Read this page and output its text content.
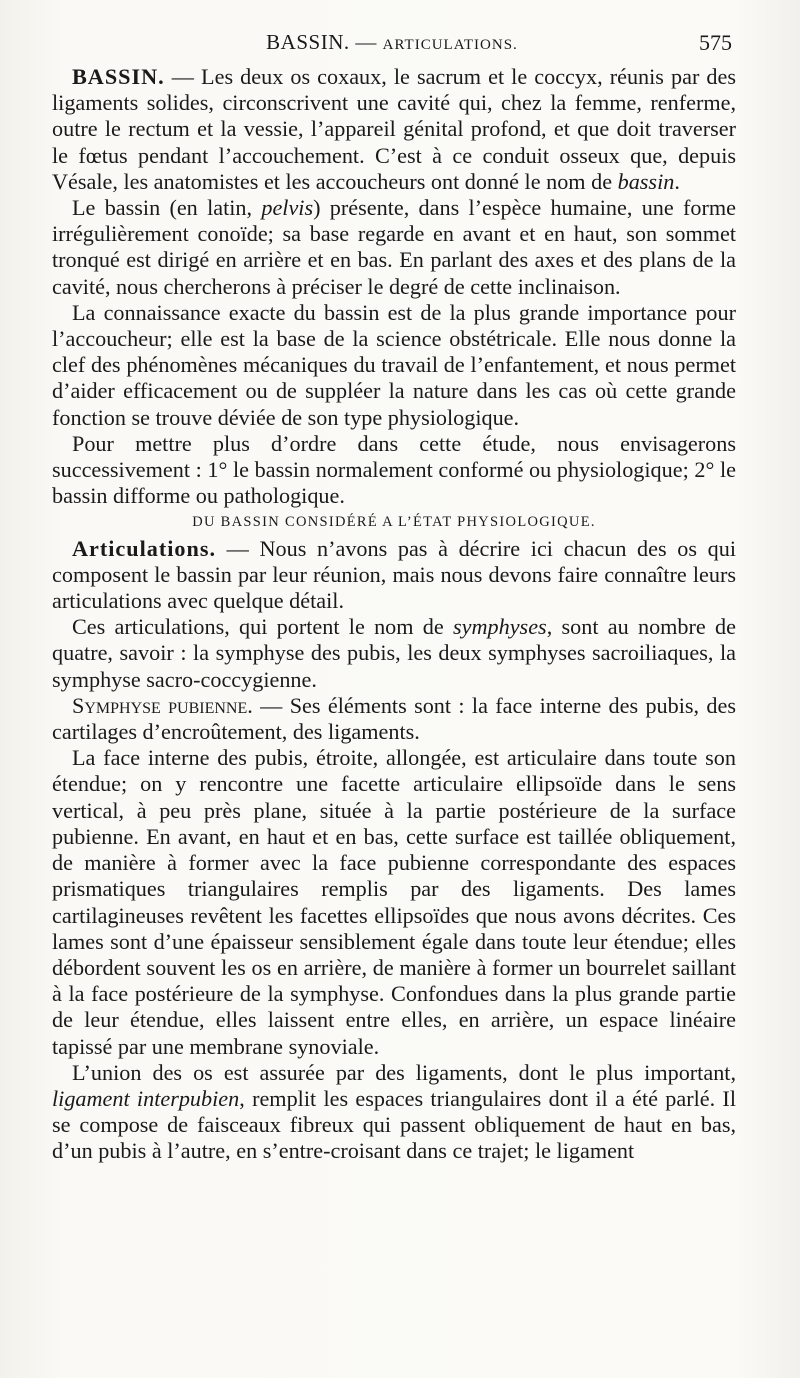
BASSIN. — ARTICULATIONS.	575

BASSIN. — Les deux os coxaux, le sacrum et le coccyx, réunis par des ligaments solides, circonscrivent une cavité qui, chez la femme, renferme, outre le rectum et la vessie, l’appareil génital profond, et que doit traverser le fœtus pendant l’accouchement. C’est à ce conduit osseux que, depuis Vésale, les anatomistes et les accoucheurs ont donné le nom de bassin.

Le bassin (en latin, pelvis) présente, dans l’espèce humaine, une forme irrégulièrement conoïde; sa base regarde en avant et en haut, son sommet tronqué est dirigé en arrière et en bas. En parlant des axes et des plans de la cavité, nous chercherons à préciser le degré de cette inclinaison.

La connaissance exacte du bassin est de la plus grande importance pour l’accoucheur; elle est la base de la science obstétricale. Elle nous donne la clef des phénomènes mécaniques du travail de l’enfantement, et nous permet d’aider efficacement ou de suppléer la nature dans les cas où cette grande fonction se trouve déviée de son type physiologique.

Pour mettre plus d’ordre dans cette étude, nous envisagerons successivement : 1° le bassin normalement conformé ou physiologique; 2° le bassin difforme ou pathologique.

DU BASSIN CONSIDÉRÉ A L’ÉTAT PHYSIOLOGIQUE.

Articulations. — Nous n’avons pas à décrire ici chacun des os qui composent le bassin par leur réunion, mais nous devons faire connaître leurs articulations avec quelque détail.

Ces articulations, qui portent le nom de symphyses, sont au nombre de quatre, savoir : la symphyse des pubis, les deux symphyses sacroiliaques, la symphyse sacro-coccygienne.

Symphyse pubienne. — Ses éléments sont : la face interne des pubis, des cartilages d’encroûtement, des ligaments.

La face interne des pubis, étroite, allongée, est articulaire dans toute son étendue; on y rencontre une facette articulaire ellipsoïde dans le sens vertical, à peu près plane, située à la partie postérieure de la surface pubienne. En avant, en haut et en bas, cette surface est taillée obliquement, de manière à former avec la face pubienne correspondante des espaces prismatiques triangulaires remplis par des ligaments. Des lames cartilagineuses revêtent les facettes ellipsoïdes que nous avons décrites. Ces lames sont d’une épaisseur sensiblement égale dans toute leur étendue; elles débordent souvent les os en arrière, de manière à former un bourrelet saillant à la face postérieure de la symphyse. Confondues dans la plus grande partie de leur étendue, elles laissent entre elles, en arrière, un espace linéaire tapissé par une membrane synoviale.

L’union des os est assurée par des ligaments, dont le plus important, ligament interpubien, remplit les espaces triangulaires dont il a été parlé. Il se compose de faisceaux fibreux qui passent obliquement de haut en bas, d’un pubis à l’autre, en s’entre-croisant dans ce trajet; le ligament
